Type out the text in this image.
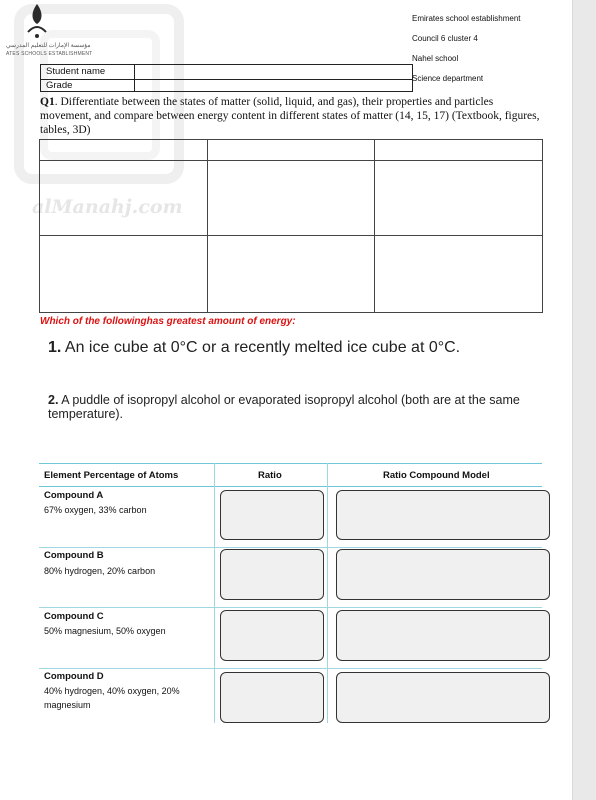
alManahj.com
مؤسسة الإمارات للتعليم المدرسي
ATES SCHOOLS ESTABLISHMENT
Emirates school establishment
Council 6 cluster 4
Nahel school
Science department
Student name
Grade
Q1. Differentiate between the states of matter (solid, liquid, and gas), their properties and particles movement, and compare between energy content in different states of matter (14, 15, 17) (Textbook, figures, tables, 3D)

Which of the followinghas greatest amount of energy:
1. An ice cube at 0°C or a recently melted ice cube at 0°C.
2. A puddle of isopropyl alcohol or evaporated isopropyl alcohol (both are at the same temperature).
Element Percentage of Atoms	Ratio	Ratio Compound Model
Compound A
67% oxygen, 33% carbon
Compound B
80% hydrogen, 20% carbon
Compound C
50% magnesium, 50% oxygen
Compound D
40% hydrogen, 40% oxygen, 20% magnesium
